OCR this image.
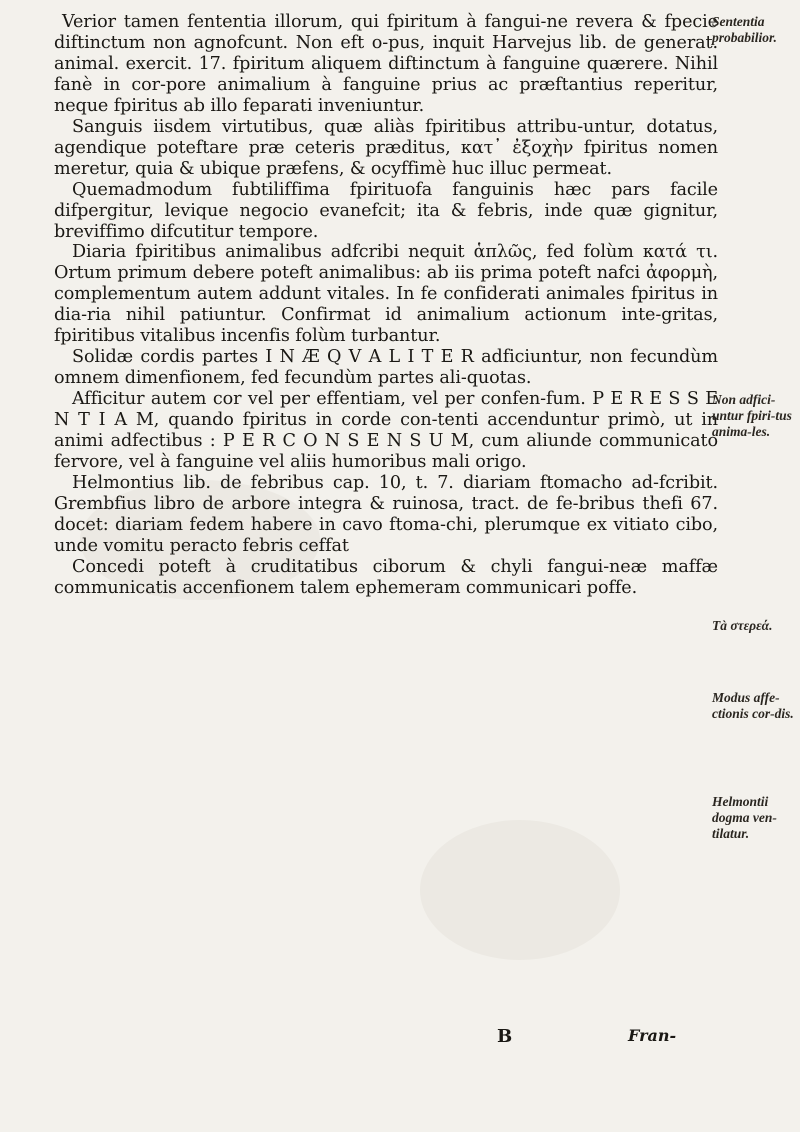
Verior tamen fententia illorum, qui fpiritum à fangui-ne revera & fpecie diftinctum non agnofcunt. Non eft o-pus, inquit Harvejus lib. de generat. animal. exercit. 17. fpiritum aliquem diftinctum à fanguine quærere. Nihil fanè in cor-pore animalium à fanguine prius ac præftantius reperitur, neque fpiritus ab illo feparati inveniuntur.

Sanguis iisdem virtutibus, quæ aliàs fpiritibus attribu-untur, dotatus, agendique poteftare præ ceteris præditus, κατ᾿ ἐξοχὴν fpiritus nomen meretur, quia & ubique præfens, & ocyffimè huc illuc permeat.

Quemadmodum fubtiliffima fpirituofa fanguinis hæc pars facile difpergitur, levique negocio evanefcit; ita & febris, inde quæ gignitur, breviffimo difcutitur tempore.

Diaria fpiritibus animalibus adfcribi nequit ἁπλῶς, fed folùm κατά τι. Ortum primum debere poteft animalibus: ab iis prima poteft nafci ἀφορμὴ, complementum autem addunt vitales. In fe confiderati animales fpiritus in dia-ria nihil patiuntur. Confirmat id animalium actionum inte-gritas, fpiritibus vitalibus incenfis folùm turbantur.

Solidæ cordis partes I N Æ Q V A L I T E R adficiuntur, non fecundùm omnem dimenfionem, fed fecundùm partes ali-quotas.

Afficitur autem cor vel per effentiam, vel per confen-fum. P E R E S S E N T I A M, quando fpiritus in corde con-tenti accenduntur primò, ut in animi adfectibus : P E R C O N S E N S U M, cum aliunde communicato fervore, vel à fanguine vel aliis humoribus mali origo.

Helmontius lib. de febribus cap. 10, t. 7. diariam ftomacho ad-fcribit. Grembfius libro de arbore integra & ruinosa, tract. de fe-bribus thefi 67. docet: diariam fedem habere in cavo ftoma-chi, plerumque ex vitiato cibo, unde vomitu peracto febris ceffat

Concedi poteft à cruditatibus ciborum & chyli fangui-neæ maffæ communicatis accenfionem talem ephemeram communicari poffe.

Sententia probabilior.
Non adfici-untur fpiri-tus anima-les.
Tà στερεά.
Modus affe-ctionis cor-dis.
Helmontii dogma ven-tilatur.
B	Fran-
